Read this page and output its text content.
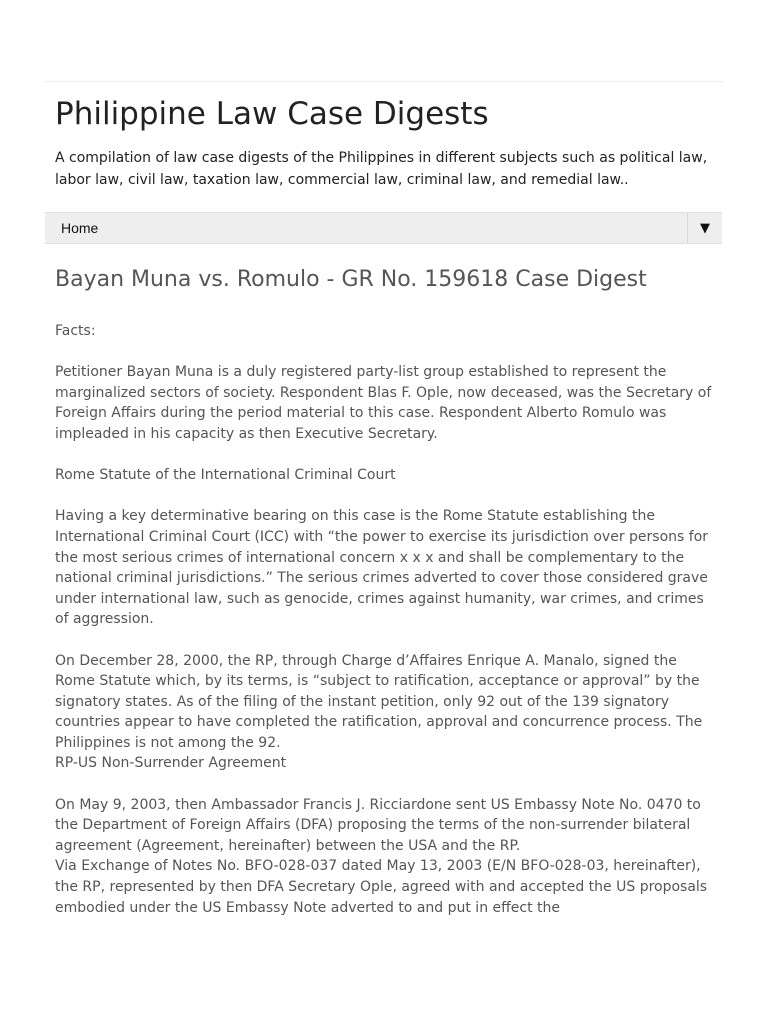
Philippine Law Case Digests

A compilation of law case digests of the Philippines in different subjects such as political law, labor law, civil law, taxation law, commercial law, criminal law, and remedial law..

Home	▼
Bayan Muna vs. Romulo - GR No. 159618 Case Digest

Facts:

Petitioner Bayan Muna is a duly registered party-list group established to represent the marginalized sectors of society. Respondent Blas F. Ople, now deceased, was the Secretary of Foreign Affairs during the period material to this case. Respondent Alberto Romulo was impleaded in his capacity as then Executive Secretary.

Rome Statute of the International Criminal Court

Having a key determinative bearing on this case is the Rome Statute establishing the International Criminal Court (ICC) with “the power to exercise its jurisdiction over persons for the most serious crimes of international concern x x x and shall be complementary to the national criminal jurisdictions.” The serious crimes adverted to cover those considered grave under international law, such as genocide, crimes against humanity, war crimes, and crimes of aggression.

On December 28, 2000, the RP, through Charge d’Affaires Enrique A. Manalo, signed the Rome Statute which, by its terms, is “subject to ratification, acceptance or approval” by the signatory states. As of the filing of the instant petition, only 92 out of the 139 signatory countries appear to have completed the ratification, approval and concurrence process. The Philippines is not among the 92.

RP-US Non-Surrender Agreement

On May 9, 2003, then Ambassador Francis J. Ricciardone sent US Embassy Note No. 0470 to the Department of Foreign Affairs (DFA) proposing the terms of the non-surrender bilateral agreement (Agreement, hereinafter) between the USA and the RP.

Via Exchange of Notes No. BFO-028-037 dated May 13, 2003 (E/N BFO-028-03, hereinafter), the RP, represented by then DFA Secretary Ople, agreed with and accepted the US proposals embodied under the US Embassy Note adverted to and put in effect the
